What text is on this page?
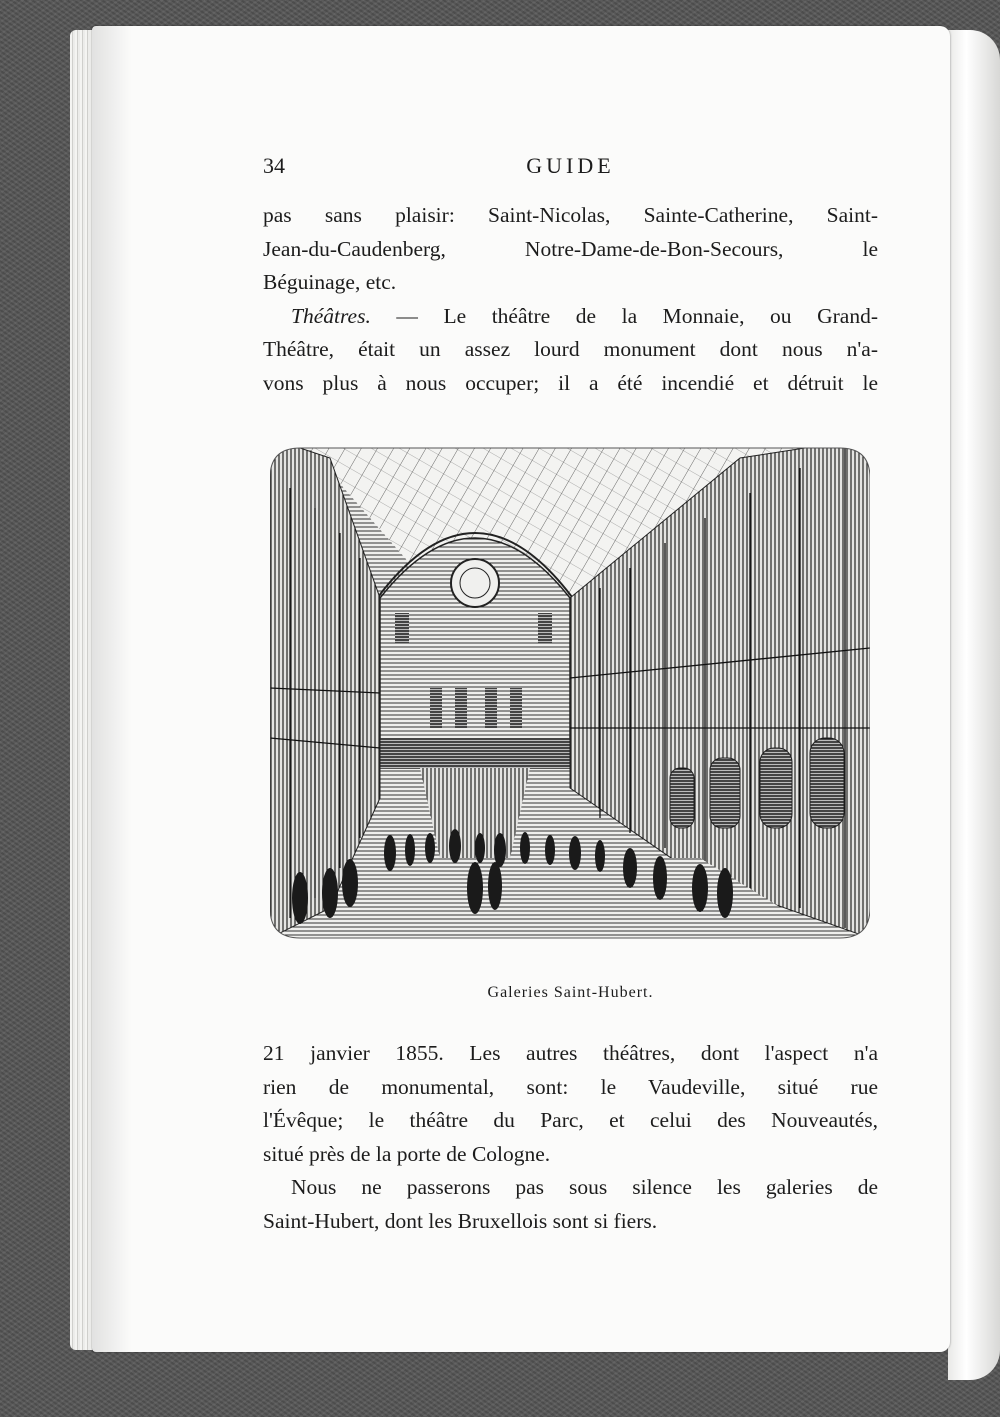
34	GUIDE

pas sans plaisir: Saint-Nicolas, Sainte-Catherine, Saint-

Jean-du-Caudenberg, Notre-Dame-de-Bon-Secours, le

Béguinage, etc.

Théâtres. — Le théâtre de la Monnaie, ou Grand-

Théâtre, était un assez lourd monument dont nous n'a-

vons plus à nous occuper; il a été incendié et détruit le

Galeries Saint-Hubert.

21 janvier 1855. Les autres théâtres, dont l'aspect n'a

rien de monumental, sont: le Vaudeville, situé rue

l'Évêque; le théâtre du Parc, et celui des Nouveautés,

situé près de la porte de Cologne.

Nous ne passerons pas sous silence les galeries de

Saint-Hubert, dont les Bruxellois sont si fiers.
